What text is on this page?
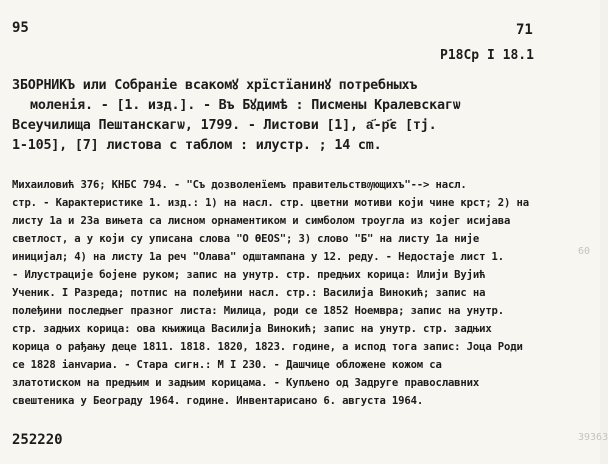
95	71
P18Cp I 18.1
ЗБОРНИКЪ или Собраніе всакомꙋ хрїстїанинꙋ потребныхъ
моленія. - [1. изд.]. - Въ Бꙋдимѣ : Писмены Кралевскагѡ
Всеучилища Пештанскагѡ, 1799. - Листови [1], а҃-р҃є [тј.
1-105], [7] листова с таблом : илустр. ; 14 cm.
Михаиловић 376; КНБС 794. - "Съ дозволенїемъ правительствѹющихъ"--> насл.
стр. - Карактеристике 1. изд.: 1) на насл. стр. цветни мотиви који чине крст; 2) на
листу 1а и 23а вињета са лисном орнаментиком и симболом троугла из којег исијава
светлост, а у који су уписана слова "О ѲЕОS"; 3) слово "Б" на листу 1а није
иницијал; 4) на листу 1а реч "Олава" одштампана у 12. реду. - Недостаје лист 1.
- Илустрације бојене руком; запис на унутр. стр. предњих корица: Илији Вујић
Ученик. I Разреда; потпис на полеђини насл. стр.: Василија Винокић; запис на
полеђини последњег празног листа: Милица, роди се 1852 Ноемвра; запис на унутр.
стр. задњих корица: ова књижица Василија Винокић; запис на унутр. стр. задњих
корица о рађању деце 1811. 1818. 1820, 1823. године, а испод тога запис: Јоца Роди
се 1828 iанѵариа. - Стара сигн.: М I 230. - Дашчице обложене кожом са
златотиском на предњим и задњим корицама. - Купљено од Задруге православних
свештеника у Београду 1964. године. Инвентарисано 6. августа 1964.
252220
60
39363
